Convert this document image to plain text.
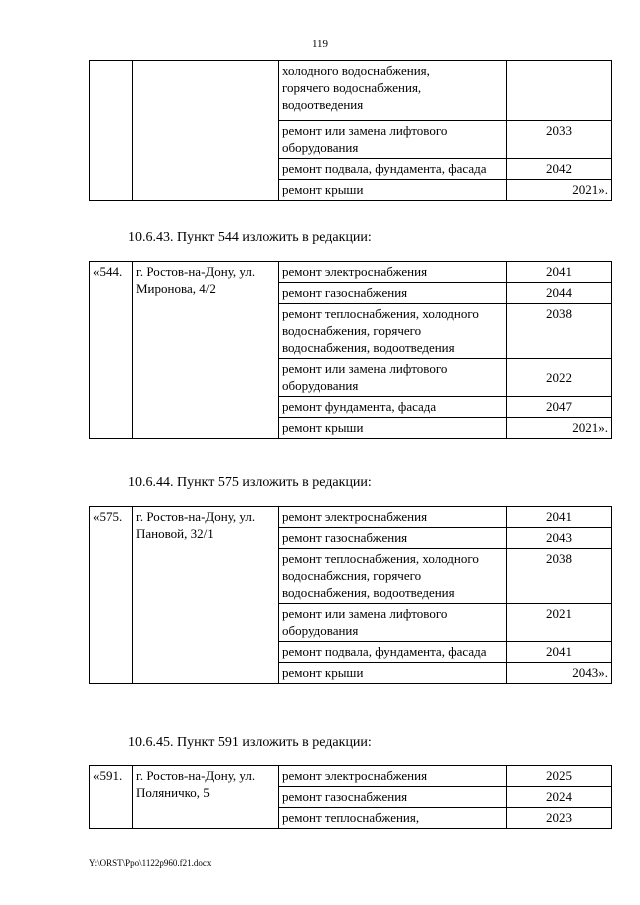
119
		холодного водоснабжения,
горячего водоснабжения,
водоотведения	
		ремонт или замена лифтового оборудования	2033
		ремонт подвала, фундамента, фасада	2042
		ремонт крыши	2021».
10.6.43. Пункт 544 изложить в редакции:
«544.	г. Ростов-на-Дону, ул. Миронова, 4/2	ремонт электроснабжения	2041
		ремонт газоснабжения	2044
		ремонт теплоснабжения, холодного водоснабжения, горячего водоснабжения, водоотведения	2038
		ремонт или замена лифтового оборудования	2022
		ремонт фундамента, фасада	2047
		ремонт крыши	2021».
10.6.44. Пункт 575 изложить в редакции:
«575.	г. Ростов-на-Дону, ул. Пановой, 32/1	ремонт электроснабжения	2041
		ремонт газоснабжения	2043
		ремонт теплоснабжения, холодного водоснабжсния, горячего водоснабжения, водоотведения	2038
		ремонт или замена лифтового оборудования	2021
		ремонт подвала, фундамента, фасада	2041
		ремонт крыши	2043».
10.6.45. Пункт 591 изложить в редакции:
«591.	г. Ростов-на-Дону, ул. Поляничко, 5	ремонт электроснабжения	2025
		ремонт газоснабжения	2024
		ремонт теплоснабжения,	2023
Y:\ORST\Ppo\1122p960.f21.docx
